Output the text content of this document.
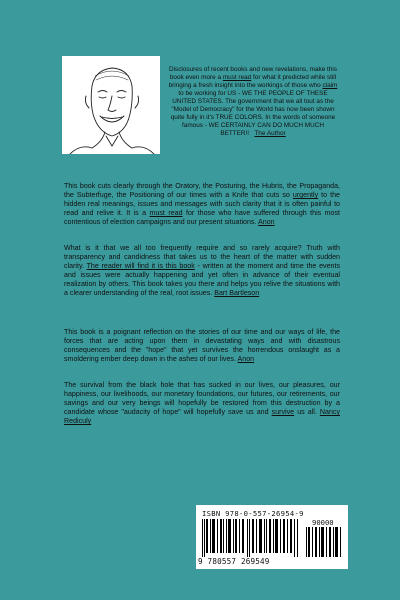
Disclosures of recent books and new revelations, make this book even more a must read for what it predicted while still bringing a fresh insight into the workings of those who claim to be working for US - WE THE PEOPLE OF THESE UNITED STATES. The government that we all tout as the "Model of Democracy" for the World has now been shown quite fully in it's TRUE COLORS. In the words of someone famous - WE CERTAINLY CAN DO MUCH MUCH BETTER!! The Author
This book cuts clearly through the Oratory, the Posturing, the Hubris, the Propaganda, the Subterfuge, the Positioning of our times with a Knife that cuts so urgently to the hidden real meanings, issues and messages with such clarity that it is often painful to read and relive it. It is a must read for those who have suffered through this most contentious of election campaigns and our present situations. Anon
What is it that we all too frequently require and so rarely acquire? Truth with transparency and candidness that takes us to the heart of the matter with sudden clarity. The reader will find it is this book - written at the moment and time the events and issues were actually happening and yet often in advance of their eventual realization by others. This book takes you there and helps you relive the situations with a clearer understanding of the real, root issues. Bart Bartleson
This book is a poignant reflection on the stories of our time and our ways of life, the forces that are acting upon them in devastating ways and with disastrous consequences and the "hope" that yet survives the horrendous onslaught as a smoldering ember deep down in the ashes of our lives. Anon
The survival from the black hole that has sucked in our lives, our pleasures, our happiness, our livelihoods, our monetary foundations, our futures, our retirements, our savings and our very beings will hopefully be restored from this destruction by a candidate whose "audacity of hope" will hopefully save us and survive us all. Nancy Rediculy
ISBN 978-0-557-26954-9
90000
9 780557 269549
